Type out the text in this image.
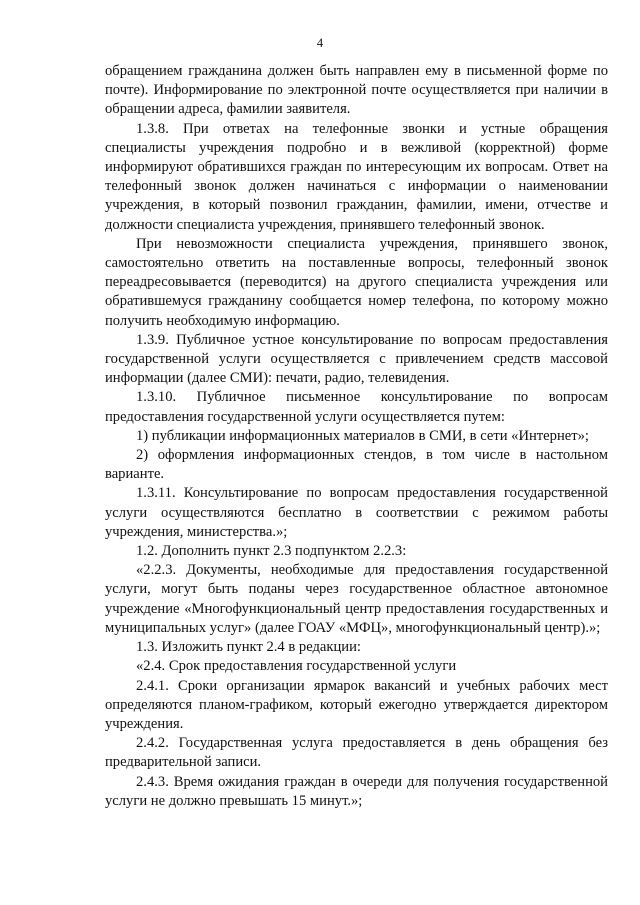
4

обращением гражданина должен быть направлен ему в письменной форме по почте). Информирование по электронной почте осуществляется при наличии в обращении адреса, фамилии заявителя.

1.3.8. При ответах на телефонные звонки и устные обращения специалисты учреждения подробно и в вежливой (корректной) форме информируют обратившихся граждан по интересующим их вопросам. Ответ на телефонный звонок должен начинаться с информации о наименовании учреждения, в который позвонил гражданин, фамилии, имени, отчестве и должности специалиста учреждения, принявшего телефонный звонок.

При невозможности специалиста учреждения, принявшего звонок, самостоятельно ответить на поставленные вопросы, телефонный звонок переадресовывается (переводится) на другого специалиста учреждения или обратившемуся гражданину сообщается номер телефона, по которому можно получить необходимую информацию.

1.3.9. Публичное устное консультирование по вопросам предоставления государственной услуги осуществляется с привлечением средств массовой информации (далее СМИ): печати, радио, телевидения.

1.3.10. Публичное письменное консультирование по вопросам предоставления государственной услуги осуществляется путем:

1) публикации информационных материалов в СМИ, в сети «Интернет»;

2) оформления информационных стендов, в том числе в настольном варианте.

1.3.11. Консультирование по вопросам предоставления государственной услуги осуществляются бесплатно в соответствии с режимом работы учреждения, министерства.»;

1.2. Дополнить пункт 2.3 подпунктом 2.2.3:

«2.2.3. Документы, необходимые для предоставления государственной услуги, могут быть поданы через государственное областное автономное учреждение «Многофункциональный центр предоставления государственных и муниципальных услуг» (далее ГОАУ «МФЦ», многофункциональный центр).»;

1.3. Изложить пункт 2.4 в редакции:

«2.4. Срок предоставления государственной услуги

2.4.1. Сроки организации ярмарок вакансий и учебных рабочих мест определяются планом-графиком, который ежегодно утверждается директором учреждения.

2.4.2. Государственная услуга предоставляется в день обращения без предварительной записи.

2.4.3. Время ожидания граждан в очереди для получения государственной услуги не должно превышать 15 минут.»;
